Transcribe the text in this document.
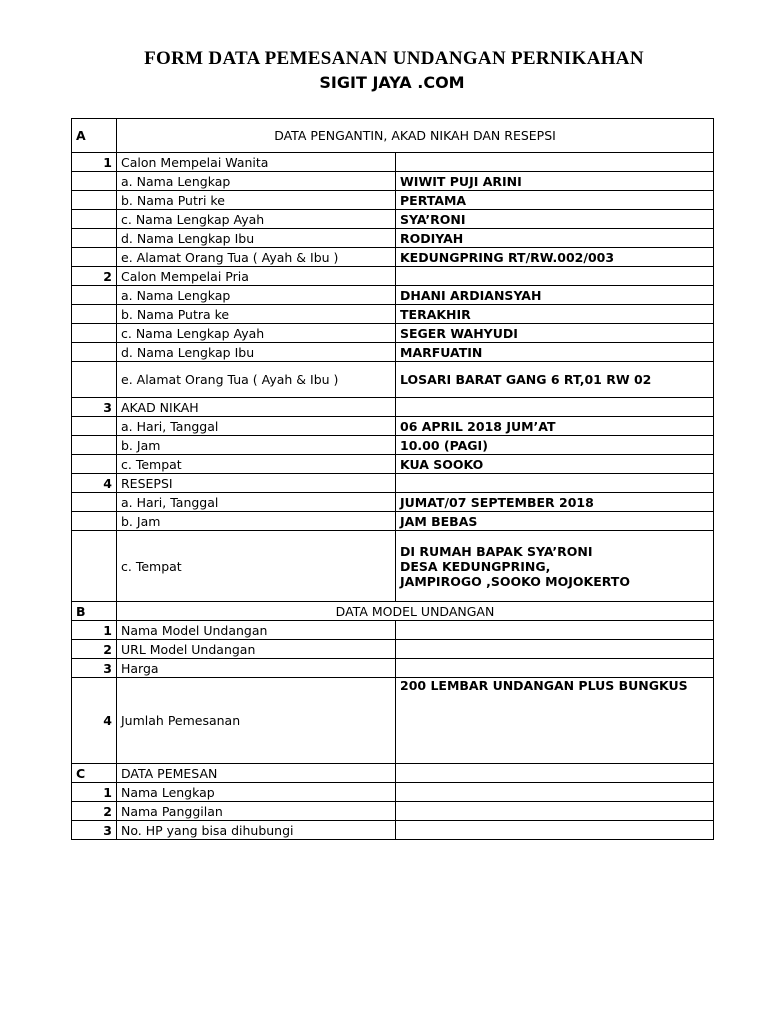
FORM DATA PEMESANAN UNDANGAN PERNIKAHAN
SIGIT JAYA .COM
A	DATA PENGANTIN, AKAD NIKAH DAN RESEPSI	
1	Calon Mempelai Wanita	
	a. Nama Lengkap	WIWIT PUJI ARINI
	b. Nama Putri ke	PERTAMA
	c. Nama Lengkap Ayah	SYA’RONI
	d. Nama Lengkap Ibu	RODIYAH
	e. Alamat Orang Tua ( Ayah & Ibu )	KEDUNGPRING RT/RW.002/003
2	Calon Mempelai Pria	
	a. Nama Lengkap	DHANI ARDIANSYAH
	b. Nama Putra ke	TERAKHIR
	c. Nama Lengkap Ayah	SEGER WAHYUDI
	d. Nama Lengkap Ibu	MARFUATIN
	e. Alamat Orang Tua ( Ayah & Ibu )	LOSARI BARAT GANG 6 RT,01 RW 02
3	AKAD NIKAH	
	a. Hari, Tanggal	06 APRIL 2018 JUM’AT
	b. Jam	10.00 (PAGI)
	c. Tempat	KUA SOOKO
4	RESEPSI	
	a. Hari, Tanggal	JUMAT/07 SEPTEMBER 2018
	b. Jam	JAM BEBAS
	c. Tempat	DI RUMAH BAPAK SYA’RONI
DESA KEDUNGPRING,
JAMPIROGO ,SOOKO MOJOKERTO

B	DATA MODEL UNDANGAN	
1	Nama Model Undangan	
2	URL Model Undangan	
3	Harga	
4	Jumlah Pemesanan	200 LEMBAR UNDANGAN PLUS BUNGKUS
C	DATA PEMESAN	
1	Nama Lengkap	
2	Nama Panggilan	
3	No. HP yang bisa dihubungi	
